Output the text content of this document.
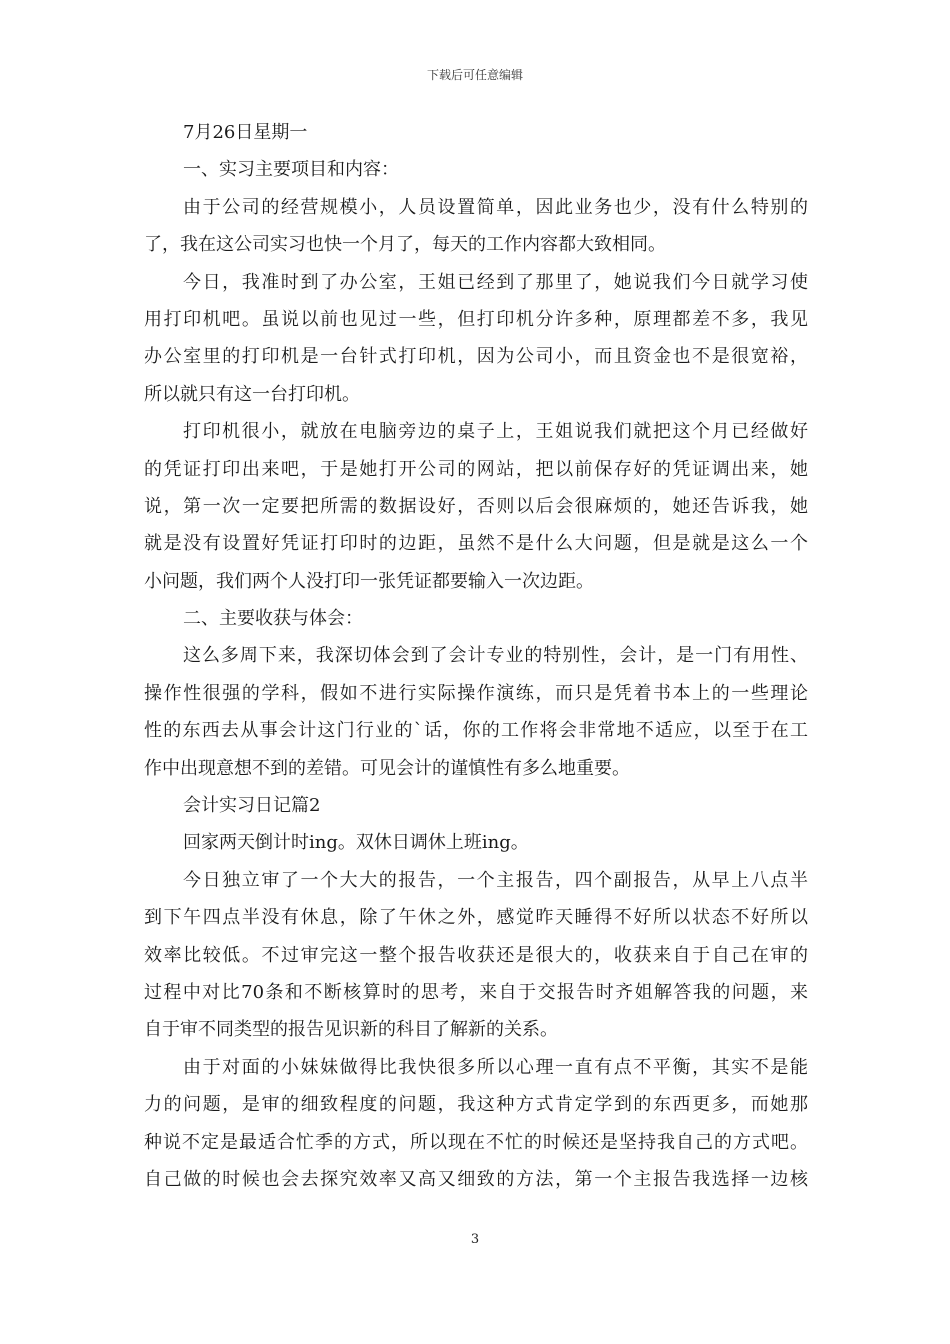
下载后可任意编辑
7月26日星期一
一、实习主要项目和内容：
由于公司的经营规模小，人员设置简单，因此业务也少，没有什么特别的
了，我在这公司实习也快一个月了，每天的工作内容都大致相同。
今日，我准时到了办公室，王姐已经到了那里了，她说我们今日就学习使
用打印机吧。虽说以前也见过一些，但打印机分许多种，原理都差不多，我见
办公室里的打印机是一台针式打印机，因为公司小，而且资金也不是很宽裕，
所以就只有这一台打印机。
打印机很小，就放在电脑旁边的桌子上，王姐说我们就把这个月已经做好
的凭证打印出来吧，于是她打开公司的网站，把以前保存好的凭证调出来，她
说，第一次一定要把所需的数据设好，否则以后会很麻烦的，她还告诉我，她
就是没有设置好凭证打印时的边距，虽然不是什么大问题，但是就是这么一个
小问题，我们两个人没打印一张凭证都要输入一次边距。
二、主要收获与体会：
这么多周下来，我深切体会到了会计专业的特别性，会计，是一门有用性、
操作性很强的学科，假如不进行实际操作演练，而只是凭着书本上的一些理论
性的东西去从事会计这门行业的`话，你的工作将会非常地不适应，以至于在工
作中出现意想不到的差错。可见会计的谨慎性有多么地重要。
会计实习日记篇2
回家两天倒计时ing。双休日调休上班ing。
今日独立审了一个大大的报告，一个主报告，四个副报告，从早上八点半
到下午四点半没有休息，除了午休之外，感觉昨天睡得不好所以状态不好所以
效率比较低。不过审完这一整个报告收获还是很大的，收获来自于自己在审的
过程中对比70条和不断核算时的思考，来自于交报告时齐姐解答我的问题，来
自于审不同类型的报告见识新的科目了解新的关系。
由于对面的小妹妹做得比我快很多所以心理一直有点不平衡，其实不是能
力的问题，是审的细致程度的问题，我这种方式肯定学到的东西更多，而她那
种说不定是最适合忙季的方式，所以现在不忙的时候还是坚持我自己的方式吧。
自己做的时候也会去探究效率又高又细致的方法，第一个主报告我选择一边核
3
